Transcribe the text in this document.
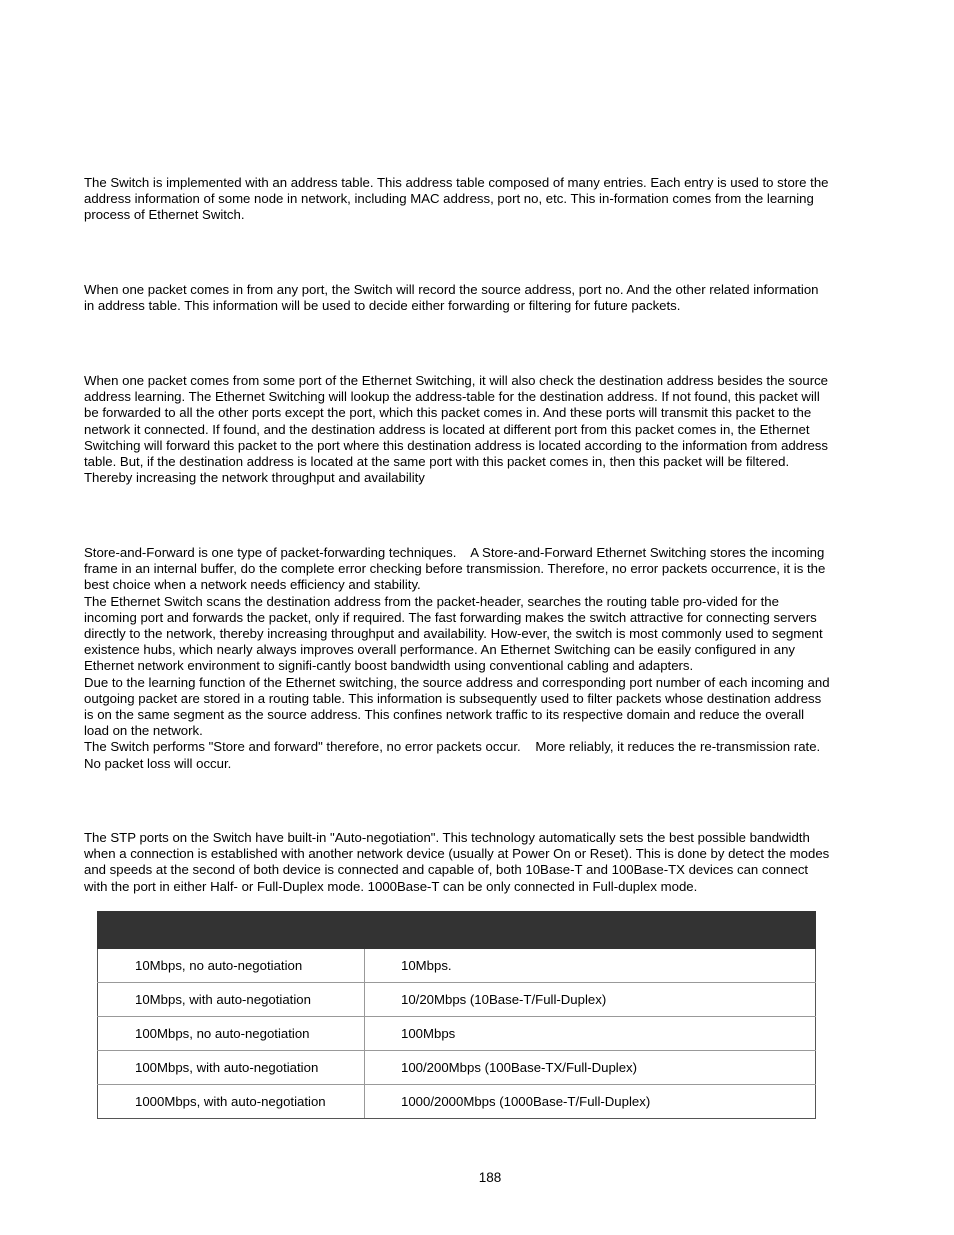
The Switch is implemented with an address table. This address table composed of many entries. Each entry is used to store the
address information of some node in network, including MAC address, port no, etc. This in-formation comes from the learning
process of Ethernet Switch.
When one packet comes in from any port, the Switch will record the source address, port no. And the other related information
in address table. This information will be used to decide either forwarding or filtering for future packets.
When one packet comes from some port of the Ethernet Switching, it will also check the destination address besides the source
address learning. The Ethernet Switching will lookup the address-table for the destination address. If not found, this packet will
be forwarded to all the other ports except the port, which this packet comes in. And these ports will transmit this packet to the
network it connected. If found, and the destination address is located at different port from this packet comes in, the Ethernet
Switching will forward this packet to the port where this destination address is located according to the information from address
table. But, if the destination address is located at the same port with this packet comes in, then this packet will be filtered.
Thereby increasing the network throughput and availability
Store-and-Forward is one type of packet-forwarding techniques.    A Store-and-Forward Ethernet Switching stores the incoming
frame in an internal buffer, do the complete error checking before transmission. Therefore, no error packets occurrence, it is the
best choice when a network needs efficiency and stability.
The Ethernet Switch scans the destination address from the packet-header, searches the routing table pro-vided for the
incoming port and forwards the packet, only if required. The fast forwarding makes the switch attractive for connecting servers
directly to the network, thereby increasing throughput and availability. How-ever, the switch is most commonly used to segment
existence hubs, which nearly always improves overall performance. An Ethernet Switching can be easily configured in any
Ethernet network environment to signifi-cantly boost bandwidth using conventional cabling and adapters.
Due to the learning function of the Ethernet switching, the source address and corresponding port number of each incoming and
outgoing packet are stored in a routing table. This information is subsequently used to filter packets whose destination address
is on the same segment as the source address. This confines network traffic to its respective domain and reduce the overall
load on the network.
The Switch performs "Store and forward" therefore, no error packets occur.    More reliably, it reduces the re-transmission rate.
No packet loss will occur.
The STP ports on the Switch have built-in "Auto-negotiation". This technology automatically sets the best possible bandwidth
when a connection is established with another network device (usually at Power On or Reset). This is done by detect the modes
and speeds at the second of both device is connected and capable of, both 10Base-T and 100Base-TX devices can connect
with the port in either Half- or Full-Duplex mode. 1000Base-T can be only connected in Full-duplex mode.

10Mbps, no auto-negotiation	10Mbps.
10Mbps, with auto-negotiation	10/20Mbps (10Base-T/Full-Duplex)
100Mbps, no auto-negotiation	100Mbps
100Mbps, with auto-negotiation	100/200Mbps (100Base-TX/Full-Duplex)
1000Mbps, with auto-negotiation	1000/2000Mbps (1000Base-T/Full-Duplex)
188
